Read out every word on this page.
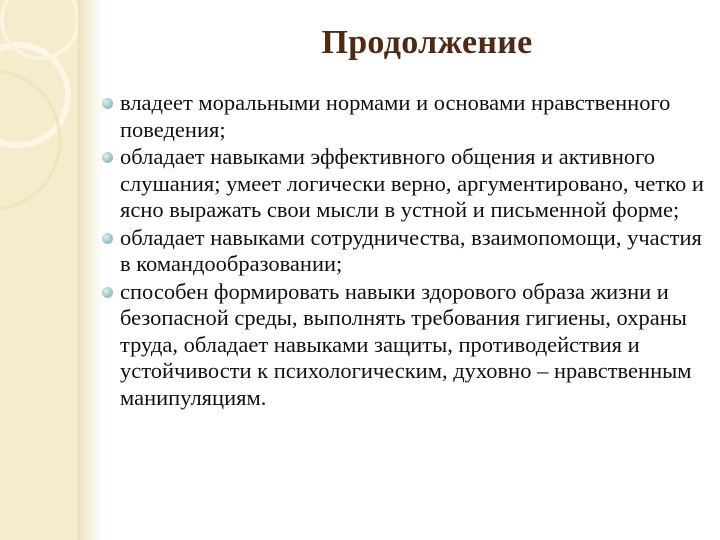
Продолжение
владеет моральными нормами и основами нравственного поведения;
обладает навыками эффективного общения и активного слушания; умеет логически верно, аргументировано, четко и ясно выражать свои мысли в устной и письменной форме;
обладает навыками сотрудничества, взаимопомощи, участия в командообразовании;
способен формировать навыки здорового образа жизни и безопасной среды, выполнять требования гигиены, охраны труда, обладает навыками защиты, противодействия и устойчивости к психологическим, духовно – нравственным манипуляциям.
